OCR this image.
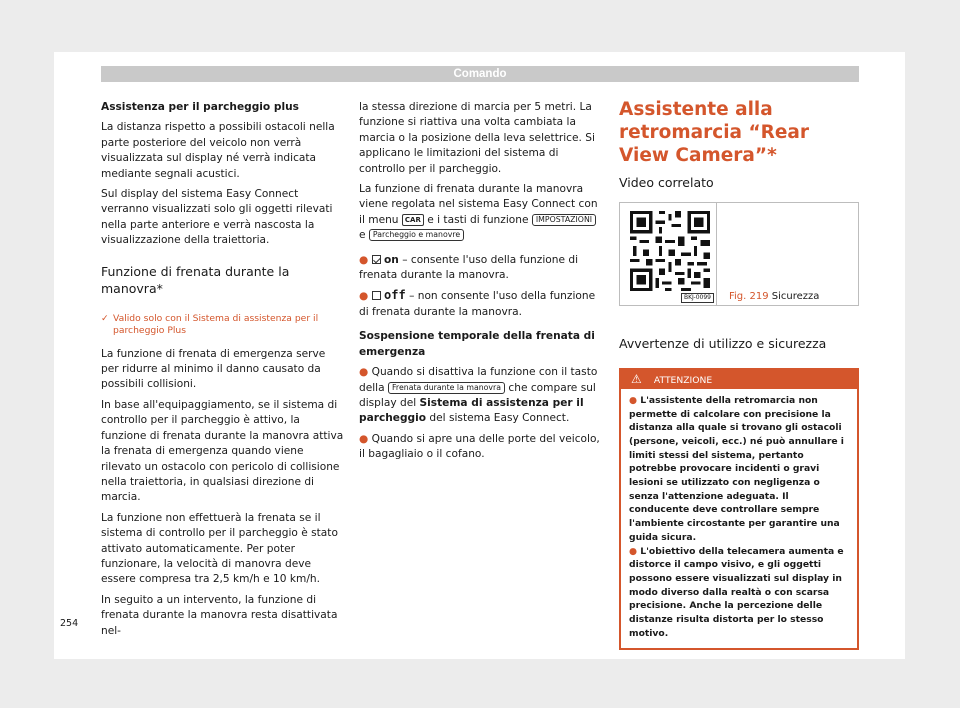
Comando

Assistenza per il parcheggio plus

La distanza rispetto a possibili ostacoli nella parte posteriore del veicolo non verrà visualizzata sul display né verrà indicata mediante segnali acustici.

Sul display del sistema Easy Connect verranno visualizzati solo gli oggetti rilevati nella parte anteriore e verrà nascosta la visualizzazione della traiettoria.

Funzione di frenata durante la manovra*

✓ Valido solo con il Sistema di assistenza per il parcheggio Plus

La funzione di frenata di emergenza serve per ridurre al minimo il danno causato da possibili collisioni.

In base all'equipaggiamento, se il sistema di controllo per il parcheggio è attivo, la funzione di frenata durante la manovra attiva la frenata di emergenza quando viene rilevato un ostacolo con pericolo di collisione nella traiettoria, in qualsiasi direzione di marcia.

La funzione non effettuerà la frenata se il sistema di controllo per il parcheggio è stato attivato automaticamente. Per poter funzionare, la velocità di manovra deve essere compresa tra 2,5 km/h e 10 km/h.

In seguito a un intervento, la funzione di frenata durante la manovra resta disattivata nel-

la stessa direzione di marcia per 5 metri. La funzione si riattiva una volta cambiata la marcia o la posizione della leva selettrice. Si applicano le limitazioni del sistema di controllo per il parcheggio.

La funzione di frenata durante la manovra viene regolata nel sistema Easy Connect con il menu CAR e i tasti di funzione IMPOSTAZIONI e Parcheggio e manovre

● on – consente l'uso della funzione di frenata durante la manovra.

● off – non consente l'uso della funzione di frenata durante la manovra.

Sospensione temporale della frenata di emergenza

● Quando si disattiva la funzione con il tasto della Frenata durante la manovra che compare sul display del Sistema di assistenza per il parcheggio del sistema Easy Connect.

● Quando si apre una delle porte del veicolo, il bagagliaio o il cofano.

Assistente alla retromarcia “Rear View Camera”*
Video correlato
BKJ-0099	Fig. 219 Sicurezza
Avvertenze di utilizzo e sicurezza
⚠ ATTENZIONE

● L'assistente della retromarcia non permette di calcolare con precisione la distanza alla quale si trovano gli ostacoli (persone, veicoli, ecc.) né può annullare i limiti stessi del sistema, pertanto potrebbe provocare incidenti o gravi lesioni se utilizzato con negligenza o senza l'attenzione adeguata. Il conducente deve controllare sempre l'ambiente circostante per garantire una guida sicura.

● L'obiettivo della telecamera aumenta e distorce il campo visivo, e gli oggetti possono essere visualizzati sul display in modo diverso dalla realtà o con scarsa precisione. Anche la percezione delle distanze risulta distorta per lo stesso motivo.

254
